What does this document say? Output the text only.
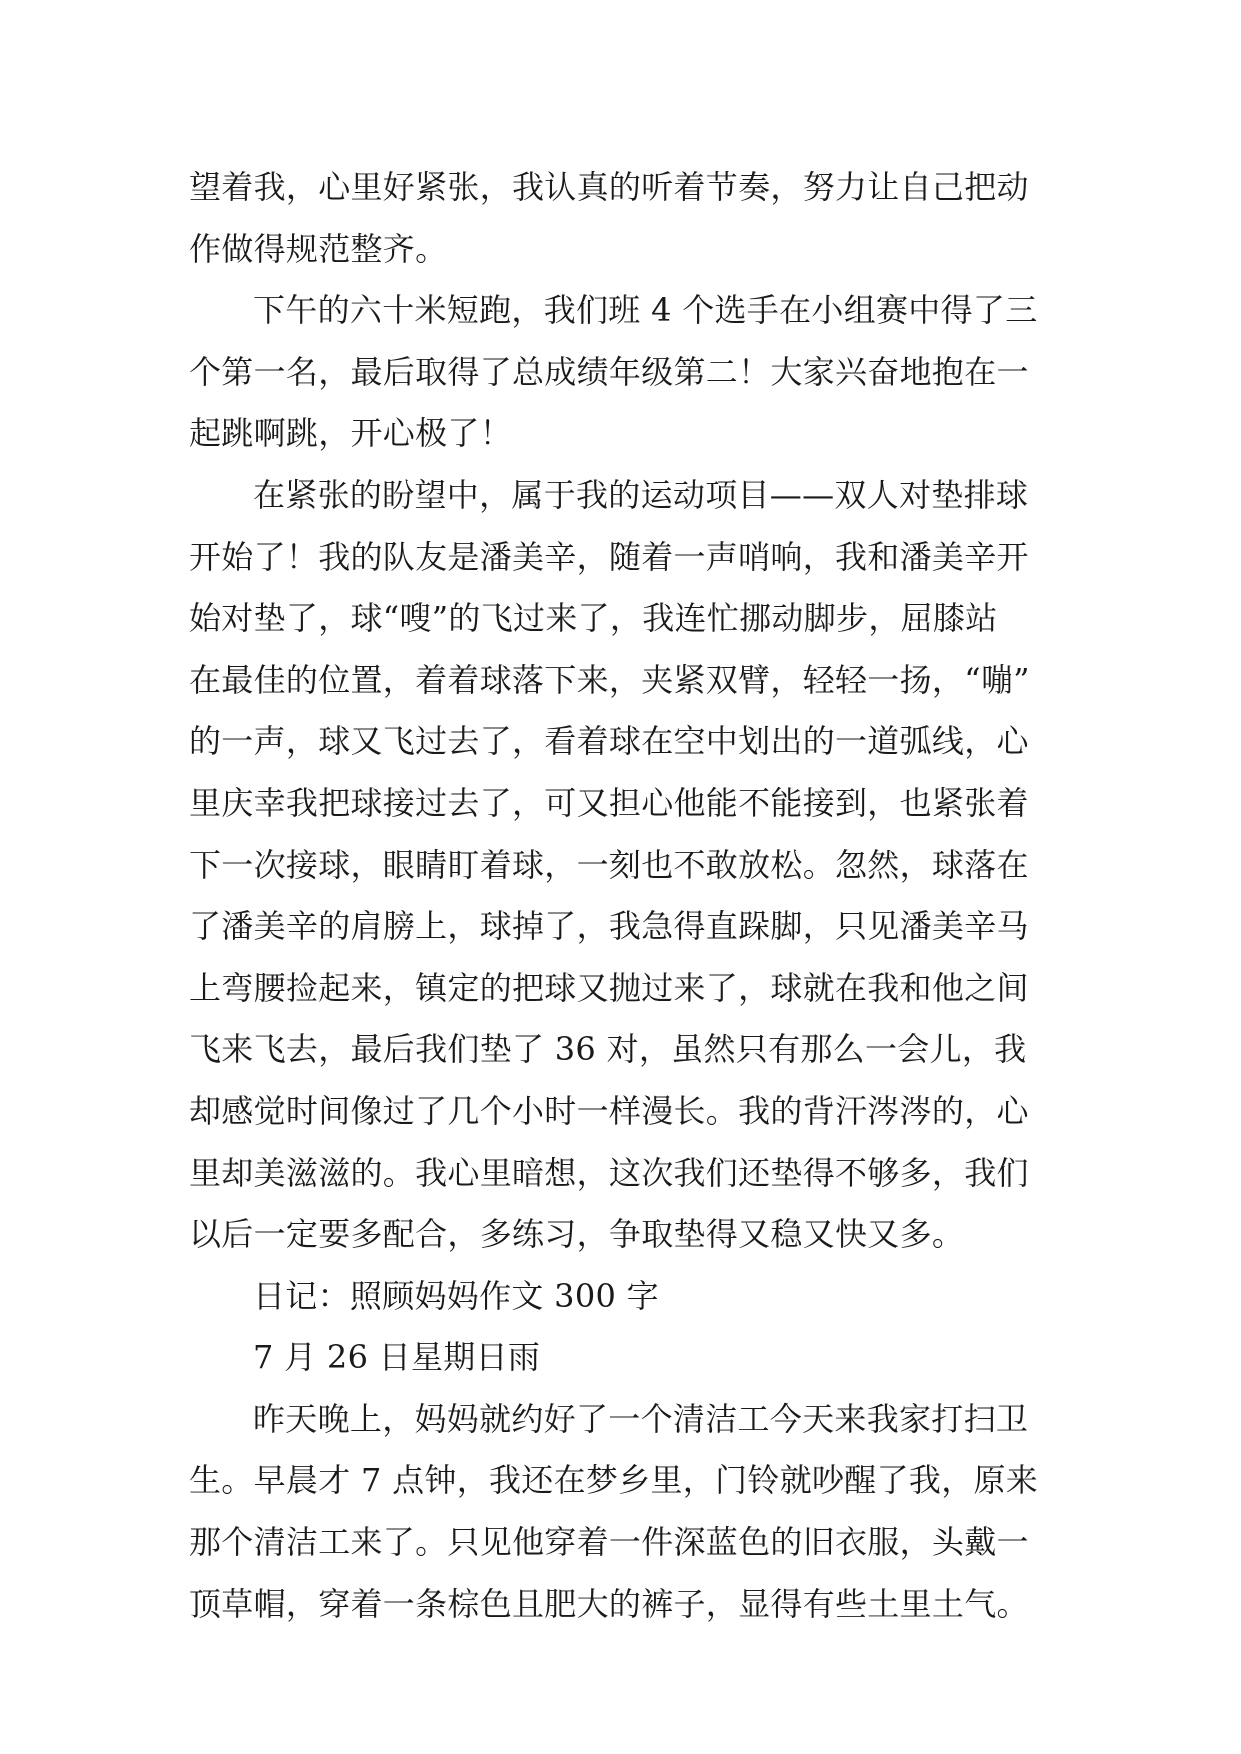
望着我，心里好紧张，我认真的听着节奏，努力让自己把动
作做得规范整齐。
下午的六十米短跑，我们班 4 个选手在小组赛中得了三
个第一名，最后取得了总成绩年级第二！大家兴奋地抱在一
起跳啊跳，开心极了！
在紧张的盼望中，属于我的运动项目——双人对垫排球
开始了！我的队友是潘美辛，随着一声哨响，我和潘美辛开
始对垫了，球“嗖”的飞过来了，我连忙挪动脚步，屈膝站
在最佳的位置，着着球落下来，夹紧双臂，轻轻一扬，“嘣”
的一声，球又飞过去了，看着球在空中划出的一道弧线，心
里庆幸我把球接过去了，可又担心他能不能接到，也紧张着
下一次接球，眼睛盯着球，一刻也不敢放松。忽然，球落在
了潘美辛的肩膀上，球掉了，我急得直跺脚，只见潘美辛马
上弯腰捡起来，镇定的把球又抛过来了，球就在我和他之间
飞来飞去，最后我们垫了 36 对，虽然只有那么一会儿，我
却感觉时间像过了几个小时一样漫长。我的背汗涔涔的，心
里却美滋滋的。我心里暗想，这次我们还垫得不够多，我们
以后一定要多配合，多练习，争取垫得又稳又快又多。
日记：照顾妈妈作文 300 字
7 月 26 日星期日雨
昨天晚上，妈妈就约好了一个清洁工今天来我家打扫卫
生。早晨才 7 点钟，我还在梦乡里，门铃就吵醒了我，原来
那个清洁工来了。只见他穿着一件深蓝色的旧衣服，头戴一
顶草帽，穿着一条棕色且肥大的裤子，显得有些土里土气。
